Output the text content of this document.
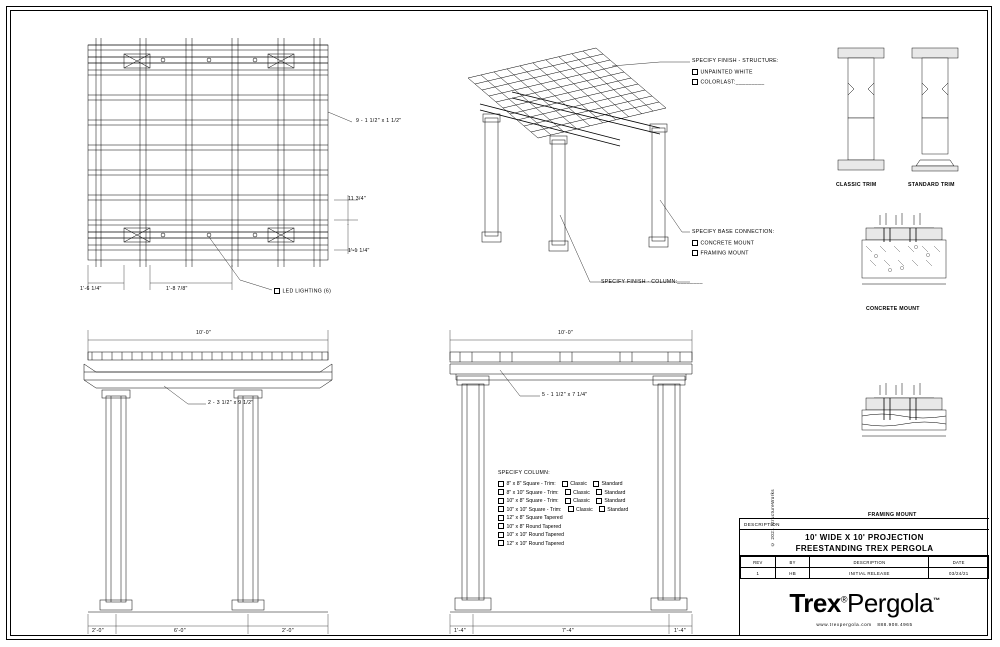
9 - 1 1/2" x 1 1/2"
11 3/4"
1'-1 1/4"
1'-6 1/4"	1'-8 7/8"	LED LIGHTING (6)
SPECIFY FINISH - STRUCTURE:
UNPAINTED WHITE
COLORLAST:_________
SPECIFY BASE CONNECTION:
CONCRETE MOUNT
FRAMING MOUNT
SPECIFY FINISH - COLUMN:________
CLASSIC TRIM	STANDARD TRIM
CONCRETE MOUNT
FRAMING MOUNT
10'-0"
2 - 3 1/2" x 9 1/2"
2'-0"	6'-0"	2'-0"
10'-0"
5 - 1 1/2" x 7 1/4"
1'-4"	7'-4"	1'-4"
SPECIFY COLUMN:
8" x 8" Square - Trim:	Classic	Standard
8" x 10" Square - Trim:	Classic	Standard
10" x 8" Square - Trim:	Classic	Standard
10" x 10" Square - Trim:	Classic	Standard
12" x 8" Square Tapered
10" x 8" Round Tapered
10" x 10" Round Tapered
12" x 10" Round Tapered	© 2021 StructureWorks
DESCRIPTION
10' WIDE X 10' PROJECTION
FREESTANDING TREX PERGOLA
REV	BY	DESCRIPTION	DATE
1	HB	INITIAL RELEASE	03/24/21
Trex®Pergola™
www.trexpergola.com 888.908.4965
